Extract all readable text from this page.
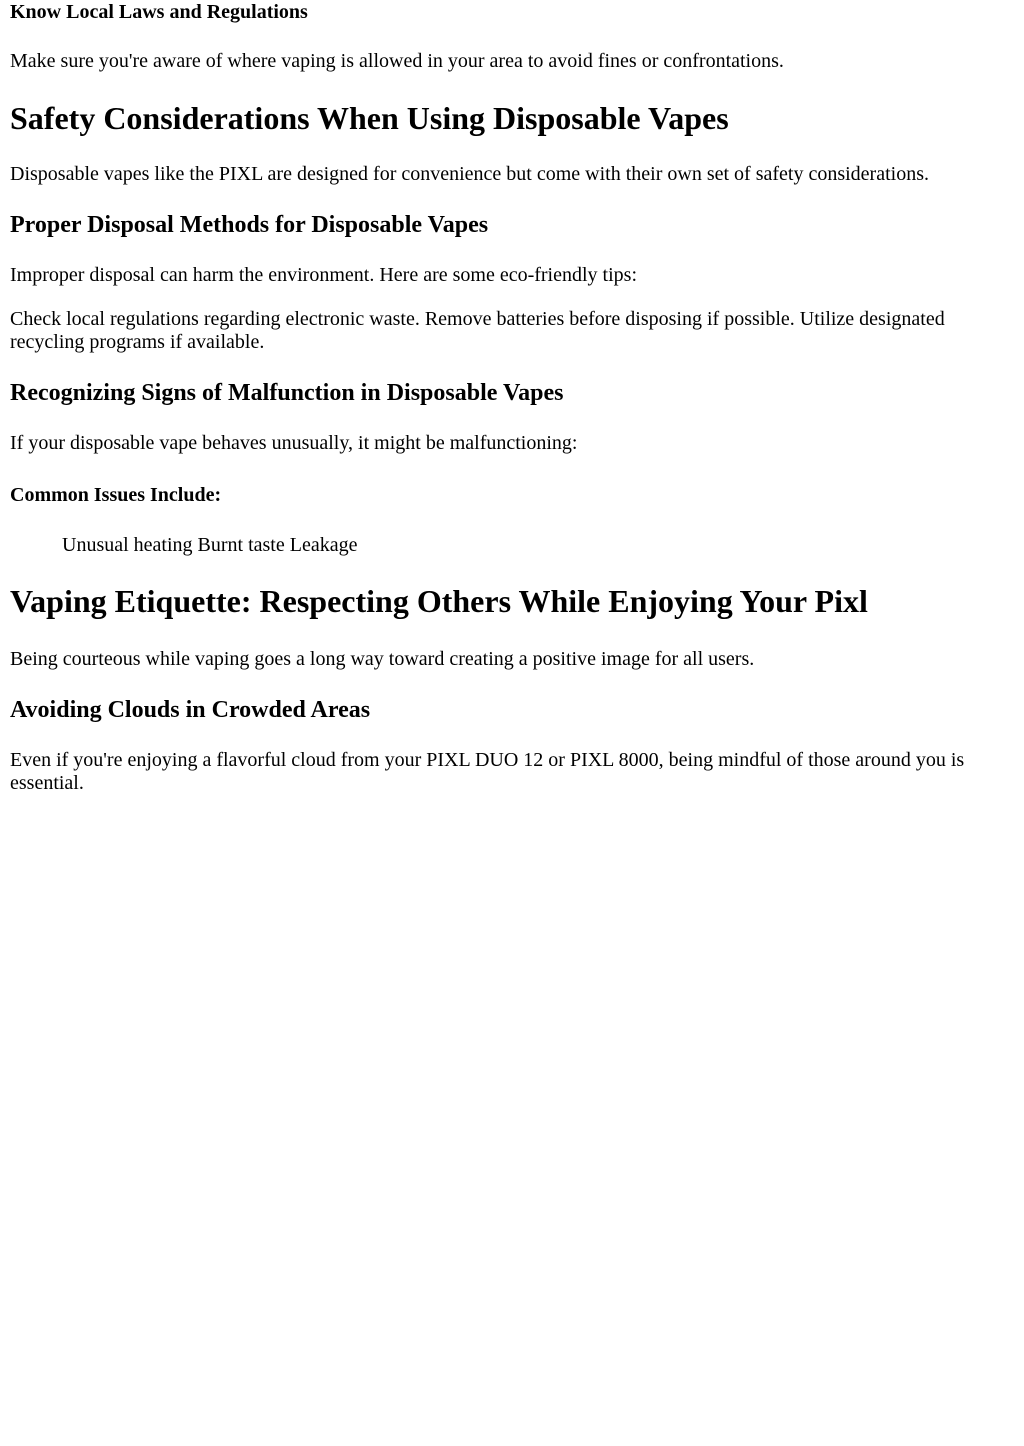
Know Local Laws and Regulations

Make sure you're aware of where vaping is allowed in your area to avoid fines or confrontations.

Safety Considerations When Using Disposable Vapes

Disposable vapes like the PIXL are designed for convenience but come with their own set of safety considerations.

Proper Disposal Methods for Disposable Vapes

Improper disposal can harm the environment. Here are some eco-friendly tips:

Check local regulations regarding electronic waste. Remove batteries before disposing if possible. Utilize designated recycling programs if available.

Recognizing Signs of Malfunction in Disposable Vapes

If your disposable vape behaves unusually, it might be malfunctioning:

Common Issues Include:
Unusual heating Burnt taste Leakage
Vaping Etiquette: Respecting Others While Enjoying Your Pixl

Being courteous while vaping goes a long way toward creating a positive image for all users.

Avoiding Clouds in Crowded Areas

Even if you're enjoying a flavorful cloud from your PIXL DUO 12 or PIXL 8000, being mindful of those around you is essential.
